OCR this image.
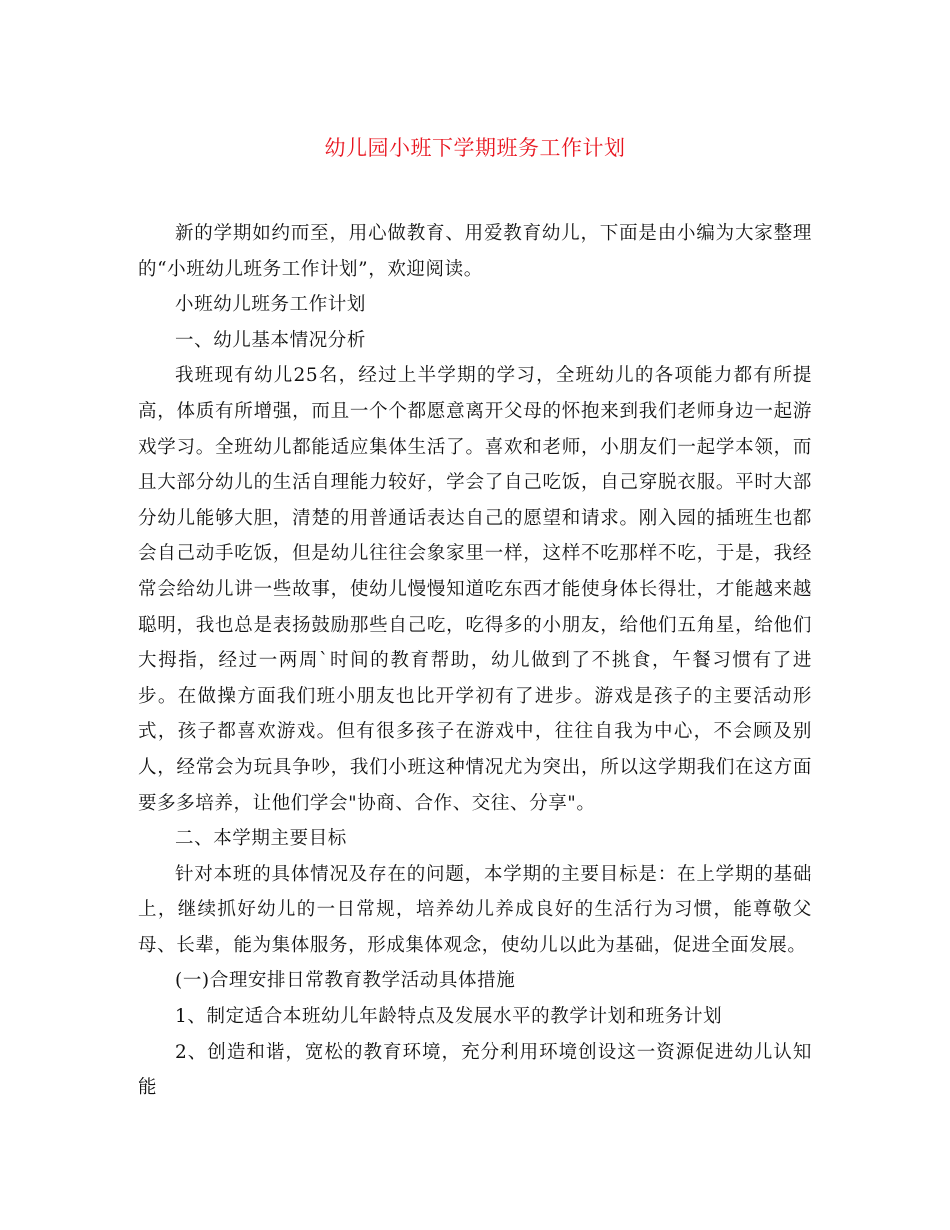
幼儿园小班下学期班务工作计划

新的学期如约而至，用心做教育、用爱教育幼儿，下面是由小编为大家整理的“小班幼儿班务工作计划”，欢迎阅读。

小班幼儿班务工作计划

一、幼儿基本情况分析

我班现有幼儿25名，经过上半学期的学习，全班幼儿的各项能力都有所提高，体质有所增强，而且一个个都愿意离开父母的怀抱来到我们老师身边一起游戏学习。全班幼儿都能适应集体生活了。喜欢和老师，小朋友们一起学本领，而且大部分幼儿的生活自理能力较好，学会了自己吃饭，自己穿脱衣服。平时大部分幼儿能够大胆，清楚的用普通话表达自己的愿望和请求。刚入园的插班生也都会自己动手吃饭，但是幼儿往往会象家里一样，这样不吃那样不吃，于是，我经常会给幼儿讲一些故事，使幼儿慢慢知道吃东西才能使身体长得壮，才能越来越聪明，我也总是表扬鼓励那些自己吃，吃得多的小朋友，给他们五角星，给他们大拇指，经过一两周`时间的教育帮助，幼儿做到了不挑食，午餐习惯有了进步。在做操方面我们班小朋友也比开学初有了进步。游戏是孩子的主要活动形式，孩子都喜欢游戏。但有很多孩子在游戏中，往往自我为中心，不会顾及别人，经常会为玩具争吵，我们小班这种情况尤为突出，所以这学期我们在这方面要多多培养，让他们学会"协商、合作、交往、分享"。

二、本学期主要目标

针对本班的具体情况及存在的问题，本学期的主要目标是：在上学期的基础上，继续抓好幼儿的一日常规，培养幼儿养成良好的生活行为习惯，能尊敬父母、长辈，能为集体服务，形成集体观念，使幼儿以此为基础，促进全面发展。

(一)合理安排日常教育教学活动具体措施

1、制定适合本班幼儿年龄特点及发展水平的教学计划和班务计划

2、创造和谐，宽松的教育环境，充分利用环境创设这一资源促进幼儿认知能
